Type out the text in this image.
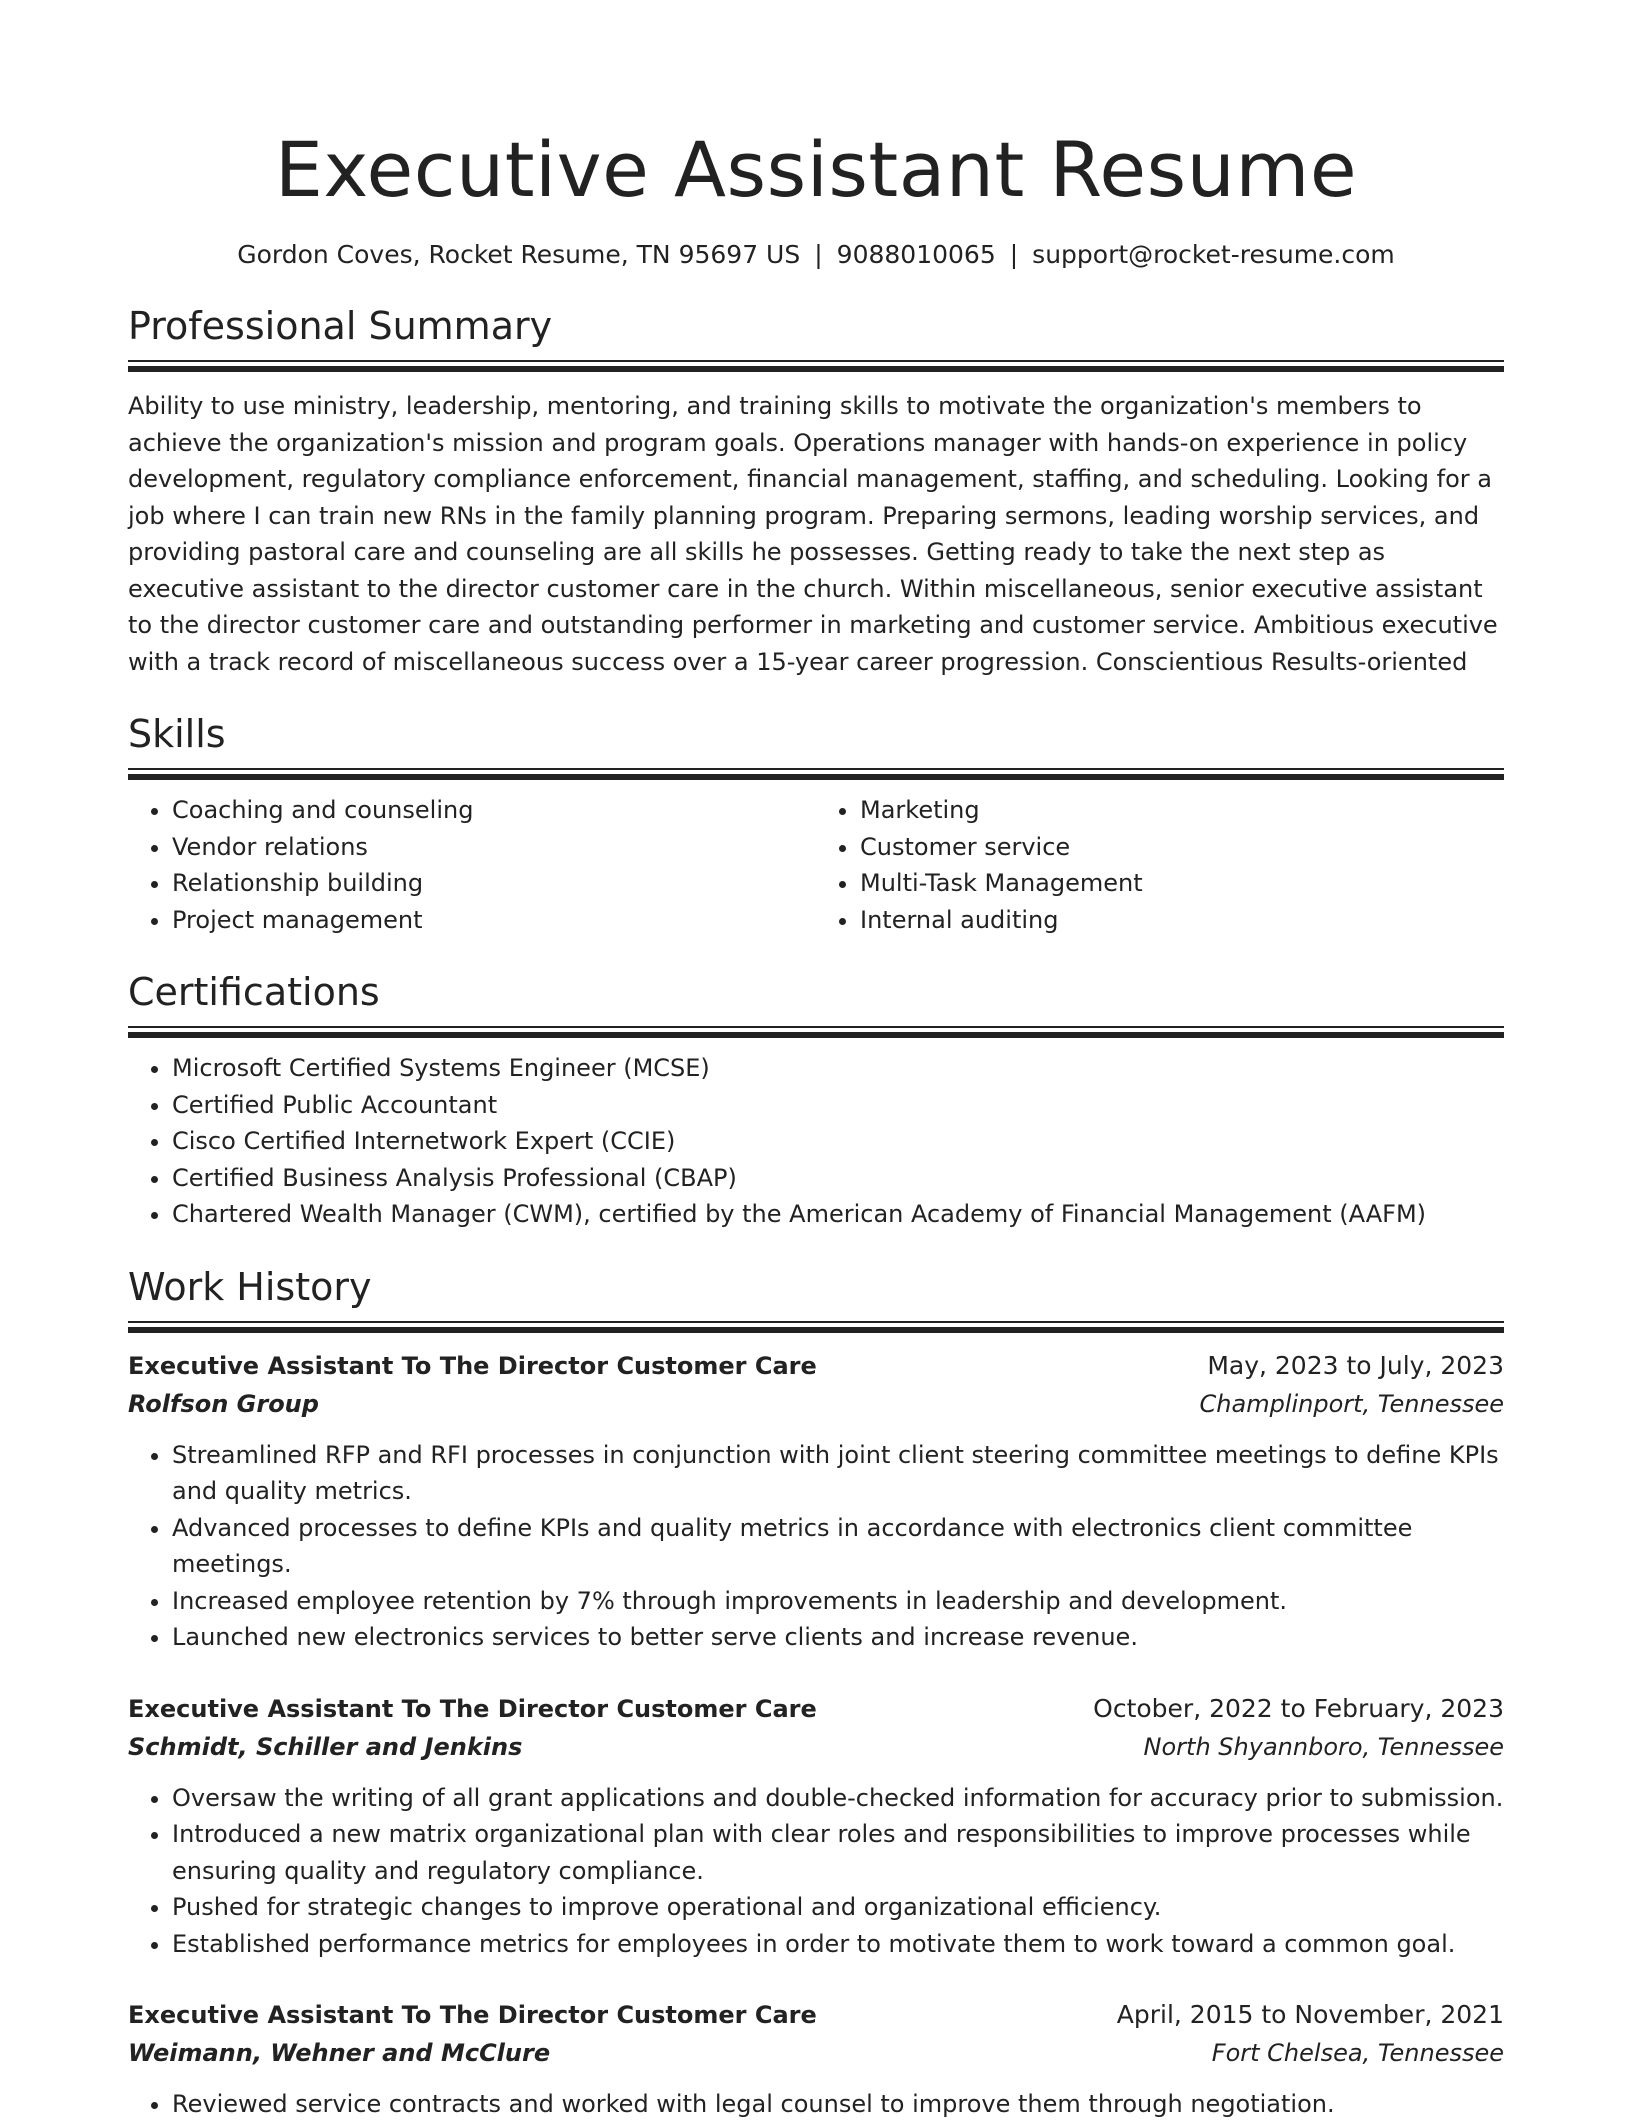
Executive Assistant Resume
Gordon Coves, Rocket Resume, TN 95697 US | 9088010065 | support@rocket-resume.com
Professional Summary

Ability to use ministry, leadership, mentoring, and training skills to motivate the organization's members to achieve the organization's mission and program goals. Operations manager with hands-on experience in policy development, regulatory compliance enforcement, financial management, staffing, and scheduling. Looking for a job where I can train new RNs in the family planning program. Preparing sermons, leading worship services, and providing pastoral care and counseling are all skills he possesses. Getting ready to take the next step as executive assistant to the director customer care in the church. Within miscellaneous, senior executive assistant to the director customer care and outstanding performer in marketing and customer service. Ambitious executive with a track record of miscellaneous success over a 15-year career progression. Conscientious Results-oriented

Skills
• Coaching and counseling
• Vendor relations
• Relationship building
• Project management
• Marketing
• Customer service
• Multi-Task Management
• Internal auditing
Certifications
• Microsoft Certified Systems Engineer (MCSE)
• Certified Public Accountant
• Cisco Certified Internetwork Expert (CCIE)
• Certified Business Analysis Professional (CBAP)
• Chartered Wealth Manager (CWM), certified by the American Academy of Financial Management (AAFM)
Work History
Executive Assistant To The Director Customer Care	May, 2023 to July, 2023
Rolfson Group	Champlinport, Tennessee
• Streamlined RFP and RFI processes in conjunction with joint client steering committee meetings to define KPIs and quality metrics.
• Advanced processes to define KPIs and quality metrics in accordance with electronics client committee meetings.
• Increased employee retention by 7% through improvements in leadership and development.
• Launched new electronics services to better serve clients and increase revenue.
Executive Assistant To The Director Customer Care	October, 2022 to February, 2023
Schmidt, Schiller and Jenkins	North Shyannboro, Tennessee
• Oversaw the writing of all grant applications and double-checked information for accuracy prior to submission.
• Introduced a new matrix organizational plan with clear roles and responsibilities to improve processes while ensuring quality and regulatory compliance.
• Pushed for strategic changes to improve operational and organizational efficiency.
• Established performance metrics for employees in order to motivate them to work toward a common goal.
Executive Assistant To The Director Customer Care	April, 2015 to November, 2021
Weimann, Wehner and McClure	Fort Chelsea, Tennessee
• Reviewed service contracts and worked with legal counsel to improve them through negotiation.
